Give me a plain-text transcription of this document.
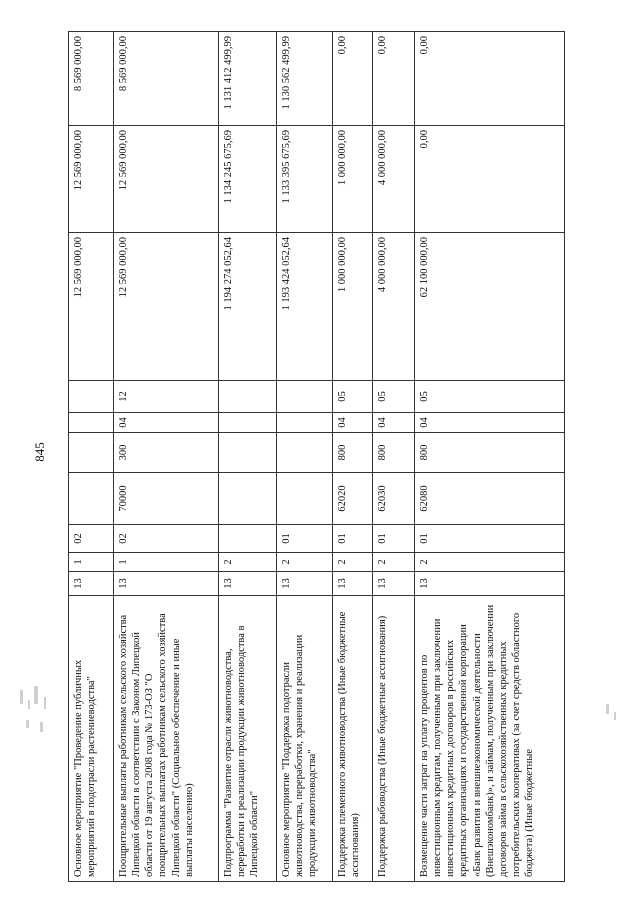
845
Основное мероприятие "Проведение публичных мероприятий в подотрасли растениеводства"	13	1	02					12 569 000,00	12 569 000,00	8 569 000,00
Поощрительные выплаты работникам сельского хозяйства Липецкой области в соответствии с Законом Липецкой области от 19 августа 2008 года № 173-ОЗ "О поощрительных выплатах работникам сельского хозяйства Липецкой области" (Социальное обеспечение и иные выплаты населению)	13	1	02	70000	300	04	12	12 569 000,00	12 569 000,00	8 569 000,00
Подпрограмма "Развитие отрасли животноводства, переработки и реализации продукции животноводства в Липецкой области"	13	2						1 194 274 052,64	1 134 245 675,69	1 131 412 499,99
Основное мероприятие "Поддержка подотрасли животноводства, переработки, хранения и реализации продукции животноводства"	13	2	01					1 193 424 052,64	1 133 395 675,69	1 130 562 499,99
Поддержка племенного животноводства (Иные бюджетные ассигнования)	13	2	01	62020	800	04	05	1 000 000,00	1 000 000,00	0,00
Поддержка рыбоводства (Иные бюджетные ассигнования)	13	2	01	62030	800	04	05	4 000 000,00	4 000 000,00	0,00
Возмещение части затрат на уплату процентов по инвестиционным кредитам, полученным при заключении инвестиционных кредитных договоров в российских кредитных организациях и государственной корпорации «Банк развития и внешнеэкономической деятельности (Внешэкономбанк)», и займам, полученным при заключении договоров займа в сельскохозяйственных кредитных потребительских кооперативах (за счет средств областного бюджета) (Иные бюджетные	13	2	01	62080	800	04	05	62 100 000,00	0,00	0,00
